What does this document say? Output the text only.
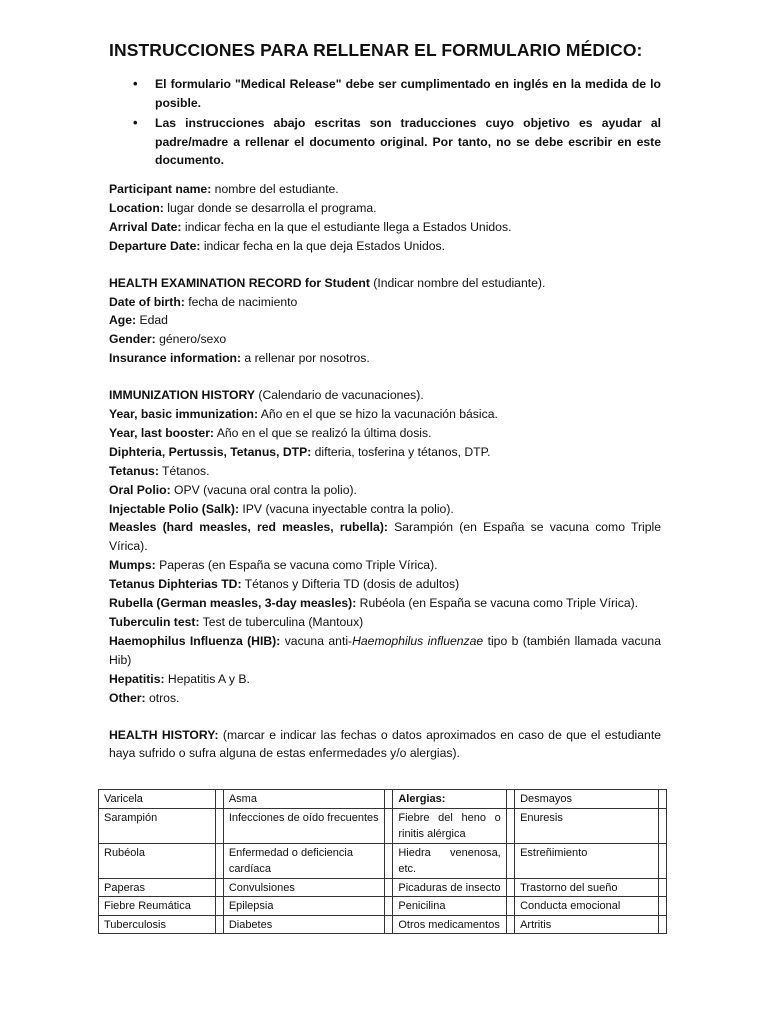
INSTRUCCIONES PARA RELLENAR EL FORMULARIO MÉDICO:
• El formulario "Medical Release" debe ser cumplimentado en inglés en la medida de lo posible.
• Las instrucciones abajo escritas son traducciones cuyo objetivo es ayudar al padre/madre a rellenar el documento original. Por tanto, no se debe escribir en este documento.
Participant name: nombre del estudiante.
Location: lugar donde se desarrolla el programa.
Arrival Date: indicar fecha en la que el estudiante llega a Estados Unidos.
Departure Date: indicar fecha en la que deja Estados Unidos.
HEALTH EXAMINATION RECORD for Student (Indicar nombre del estudiante).
Date of birth: fecha de nacimiento
Age: Edad
Gender: género/sexo
Insurance information: a rellenar por nosotros.
IMMUNIZATION HISTORY (Calendario de vacunaciones).
Year, basic immunization: Año en el que se hizo la vacunación básica.
Year, last booster: Año en el que se realizó la última dosis.
Diphteria, Pertussis, Tetanus, DTP: difteria, tosferina y tétanos, DTP.
Tetanus: Tétanos.
Oral Polio: OPV (vacuna oral contra la polio).
Injectable Polio (Salk): IPV (vacuna inyectable contra la polio).
Measles (hard measles, red measles, rubella): Sarampión (en España se vacuna como Triple Vírica).
Mumps: Paperas (en España se vacuna como Triple Vírica).
Tetanus Diphterias TD: Tétanos y Difteria TD (dosis de adultos)
Rubella (German measles, 3-day measles): Rubéola (en España se vacuna como Triple Vírica).
Tuberculin test: Test de tuberculina (Mantoux)
Haemophilus Influenza (HIB): vacuna anti-Haemophilus influenzae tipo b (también llamada vacuna Hib)
Hepatitis: Hepatitis A y B.
Other: otros.
HEALTH HISTORY: (marcar e indicar las fechas o datos aproximados en caso de que el estudiante haya sufrido o sufra alguna de estas enfermedades y/o alergias).
Varicela		Asma		Alergias:		Desmayos	
Sarampión		Infecciones de oído frecuentes		Fiebre del heno o rinitis alérgica		Enuresis	
Rubéola		Enfermedad o deficiencia cardíaca		Hiedra venenosa, etc.		Estreñimiento	
Paperas		Convulsiones		Picaduras de insecto		Trastorno del sueño	
Fiebre Reumática		Epilepsia		Penicilina		Conducta emocional	
Tuberculosis		Diabetes		Otros medicamentos		Artritis	
